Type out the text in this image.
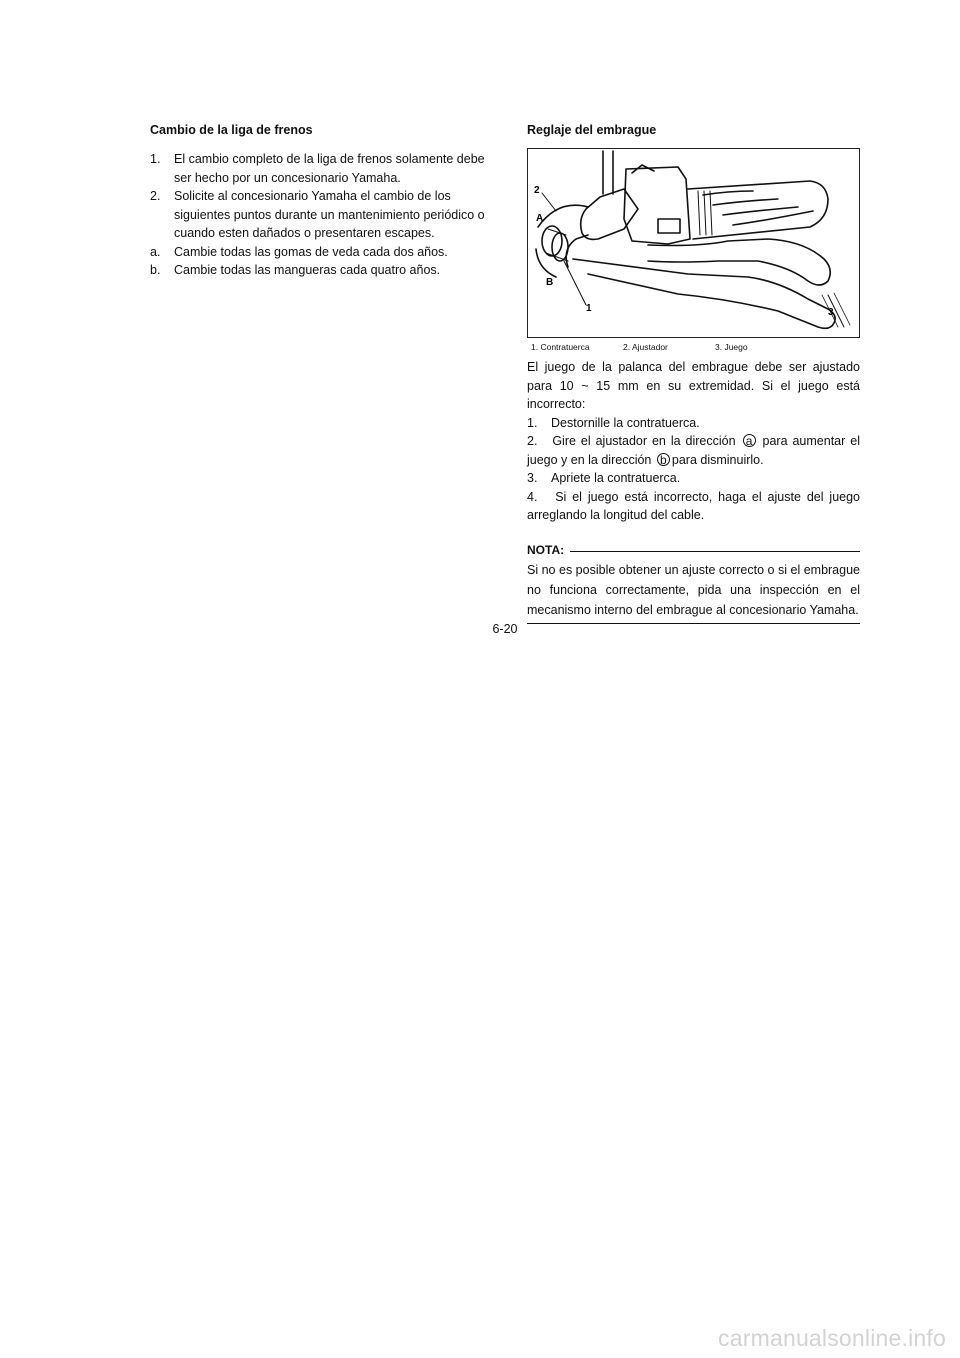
Cambio de la liga de frenos
1.	El cambio completo de la liga de frenos solamente debe ser hecho por un concesionario Yamaha.
2.	Solicite al concesionario Yamaha el cambio de los siguientes puntos durante un mantenimiento periódico o cuando esten dañados o presentaren escapes.
a.	Cambie todas las gomas de veda cada dos años.
b.	Cambie todas las mangueras cada quatro años.
Reglaje del embrague
2
A
B
1	3
1. Contratuerca	2. Ajustador	3. Juego

El juego de la palanca del embrague debe ser ajustado para 10 ~ 15 mm en su extremidad. Si el juego está incorrecto:

1.	Destornille la contratuerca.

2. Gire el ajustador en la dirección a para aumentar el juego y en la dirección b para disminuirlo.

3.	Apriete la contratuerca.

4. Si el juego está incorrecto, haga el ajuste del juego arreglando la longitud del cable.

NOTA:
Si no es posible obtener un ajuste correcto o si el embrague no funciona correctamente, pida una inspección en el mecanismo interno del embrague al concesionario Yamaha.
6-20
carmanualsonline.info
